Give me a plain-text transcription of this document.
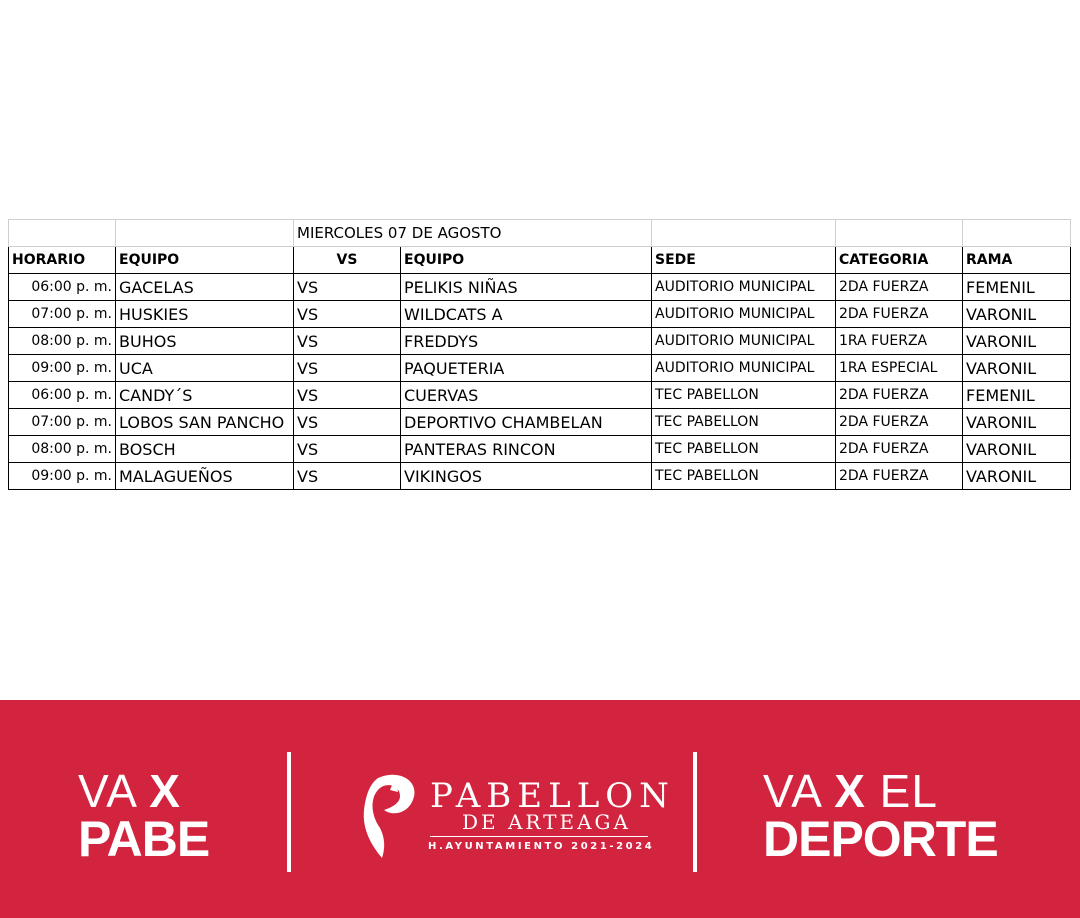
		MIERCOLES 07 DE AGOSTO				
HORARIO	EQUIPO	VS	EQUIPO	SEDE	CATEGORIA	RAMA
06:00 p. m.	GACELAS	VS	PELIKIS NIÑAS	AUDITORIO MUNICIPAL	2DA FUERZA	FEMENIL
07:00 p. m.	HUSKIES	VS	WILDCATS A	AUDITORIO MUNICIPAL	2DA FUERZA	VARONIL
08:00 p. m.	BUHOS	VS	FREDDYS	AUDITORIO MUNICIPAL	1RA FUERZA	VARONIL
09:00 p. m.	UCA	VS	PAQUETERIA	AUDITORIO MUNICIPAL	1RA ESPECIAL	VARONIL
06:00 p. m.	CANDY´S	VS	CUERVAS	TEC PABELLON	2DA FUERZA	FEMENIL
07:00 p. m.	LOBOS SAN PANCHO	VS	DEPORTIVO CHAMBELAN	TEC PABELLON	2DA FUERZA	VARONIL
08:00 p. m.	BOSCH	VS	PANTERAS RINCON	TEC PABELLON	2DA FUERZA	VARONIL
09:00 p. m.	MALAGUEÑOS	VS	VIKINGOS	TEC PABELLON	2DA FUERZA	VARONIL
VA X
PABE
PABELLON
DE ARTEAGA
H.AYUNTAMIENTO 2021-2024
VA X EL
DEPORTE
